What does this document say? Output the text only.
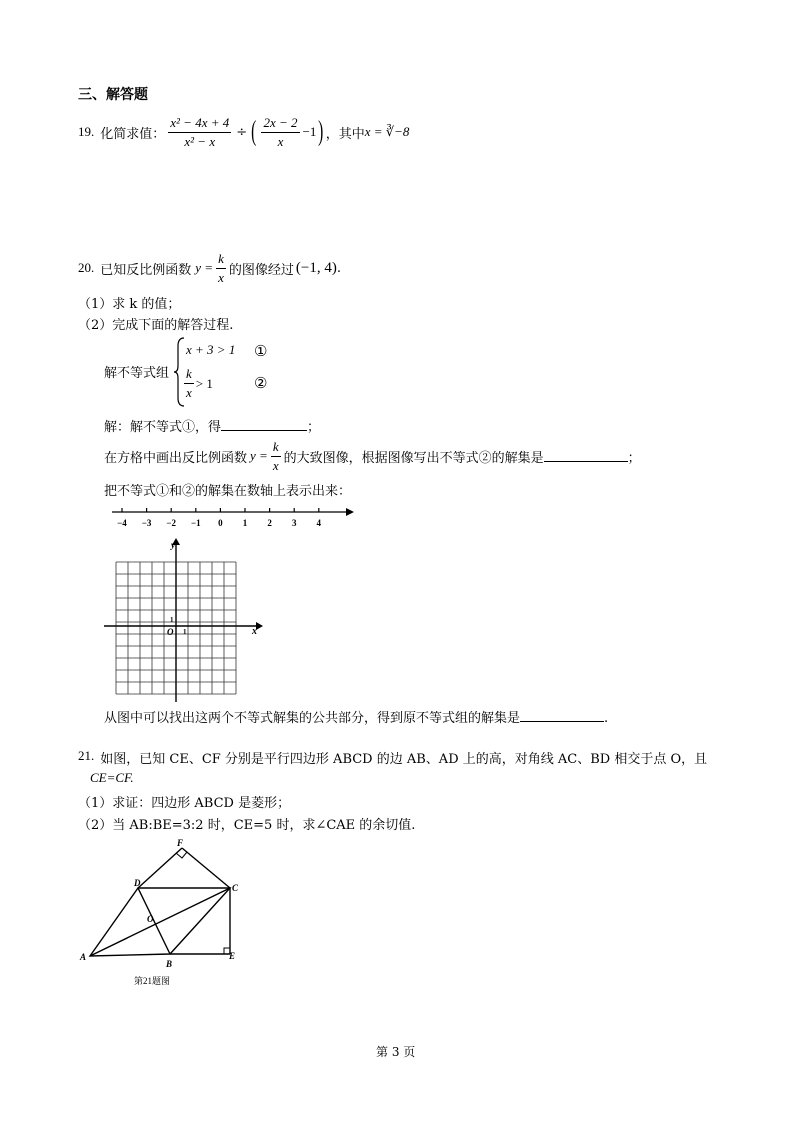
三、解答题
19. 化简求值： $\frac{\text{x² − 4x + 4}}{\text{x² − x}}$ ÷ ( $\frac{2x - 2}{x} -1$ ) ，其中 x = ∛−8
20. 已知反比例函数 $y = \frac{k}{x}$ 的图像经过 (−1, 4) .
（1）求 k 的值；
（2）完成下面的解答过程.
解不等式组
x + 3 > 1 ①
$\frac{k}{x} > 1$	②
解：解不等式①，得	；
在方格中画出反比例函数 $y = \frac{k}{x}$ 的大致图像，根据图像写出不等式②的解集是	；
把不等式①和②的解集在数轴上表示出来：
−4 −3 −2 −1 0 1 2 3 4
y
x
O 1
1
从图中可以找出这两个不等式解集的公共部分，得到原不等式组的解集是	.
21. 如图，已知 CE、CF 分别是平行四边形 ABCD 的边 AB、AD 上的高，对角线 AC、BD 相交于点 O，且
CE=CF.
（1）求证：四边形 ABCD 是菱形；
（2）当 AB:BE=3:2 时，CE=5 时，求∠CAE 的余切值.
A
B
C
D
E
F
O
第21题图
第 3 页
